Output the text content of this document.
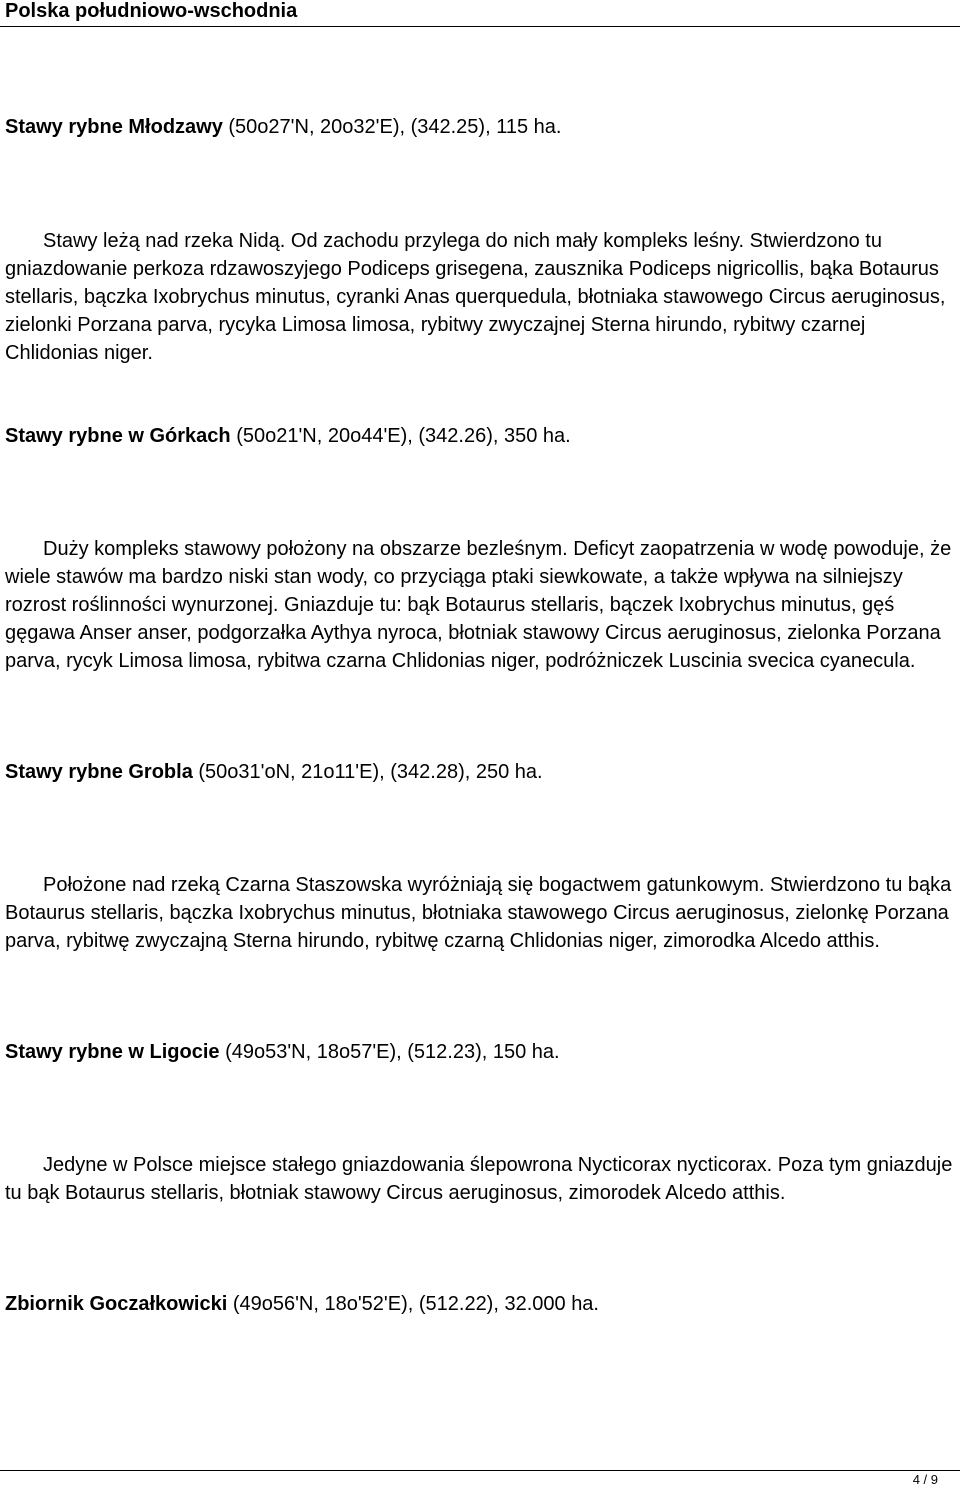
Polska południowo-wschodnia
Stawy rybne Młodzawy (50o27'N, 20o32'E), (342.25), 115 ha.
Stawy leżą nad rzeka Nidą. Od zachodu przylega do nich mały kompleks leśny. Stwierdzono tu gniazdowanie perkoza rdzawoszyjego Podiceps grisegena, zausznika Podiceps nigricollis, bąka Botaurus stellaris, bączka Ixobrychus minutus, cyranki Anas querquedula, błotniaka stawowego Circus aeruginosus, zielonki Porzana parva, rycyka Limosa limosa, rybitwy zwyczajnej Sterna hirundo, rybitwy czarnej Chlidonias niger.
Stawy rybne w Górkach (50o21'N, 20o44'E), (342.26), 350 ha.
Duży kompleks stawowy położony na obszarze bezleśnym. Deficyt zaopatrzenia w wodę powoduje, że wiele stawów ma bardzo niski stan wody, co przyciąga ptaki siewkowate, a także wpływa na silniejszy rozrost roślinności wynurzonej. Gniazduje tu: bąk Botaurus stellaris, bączek Ixobrychus minutus, gęś gęgawa Anser anser, podgorzałka Aythya nyroca, błotniak stawowy Circus aeruginosus, zielonka Porzana parva, rycyk Limosa limosa, rybitwa czarna Chlidonias niger, podróżniczek Luscinia svecica cyanecula.
Stawy rybne Grobla (50o31'oN, 21o11'E), (342.28), 250 ha.
Położone nad rzeką Czarna Staszowska wyróżniają się bogactwem gatunkowym. Stwierdzono tu bąka Botaurus stellaris, bączka Ixobrychus minutus, błotniaka stawowego Circus aeruginosus, zielonkę Porzana parva, rybitwę zwyczajną Sterna hirundo, rybitwę czarną Chlidonias niger, zimorodka Alcedo atthis.
Stawy rybne w Ligocie (49o53'N, 18o57'E), (512.23), 150 ha.
Jedyne w Polsce miejsce stałego gniazdowania ślepowrona Nycticorax nycticorax. Poza tym gniazduje tu bąk Botaurus stellaris, błotniak stawowy Circus aeruginosus, zimorodek Alcedo atthis.
Zbiornik Goczałkowicki (49o56'N, 18o'52'E), (512.22), 32.000 ha.
4 / 9
